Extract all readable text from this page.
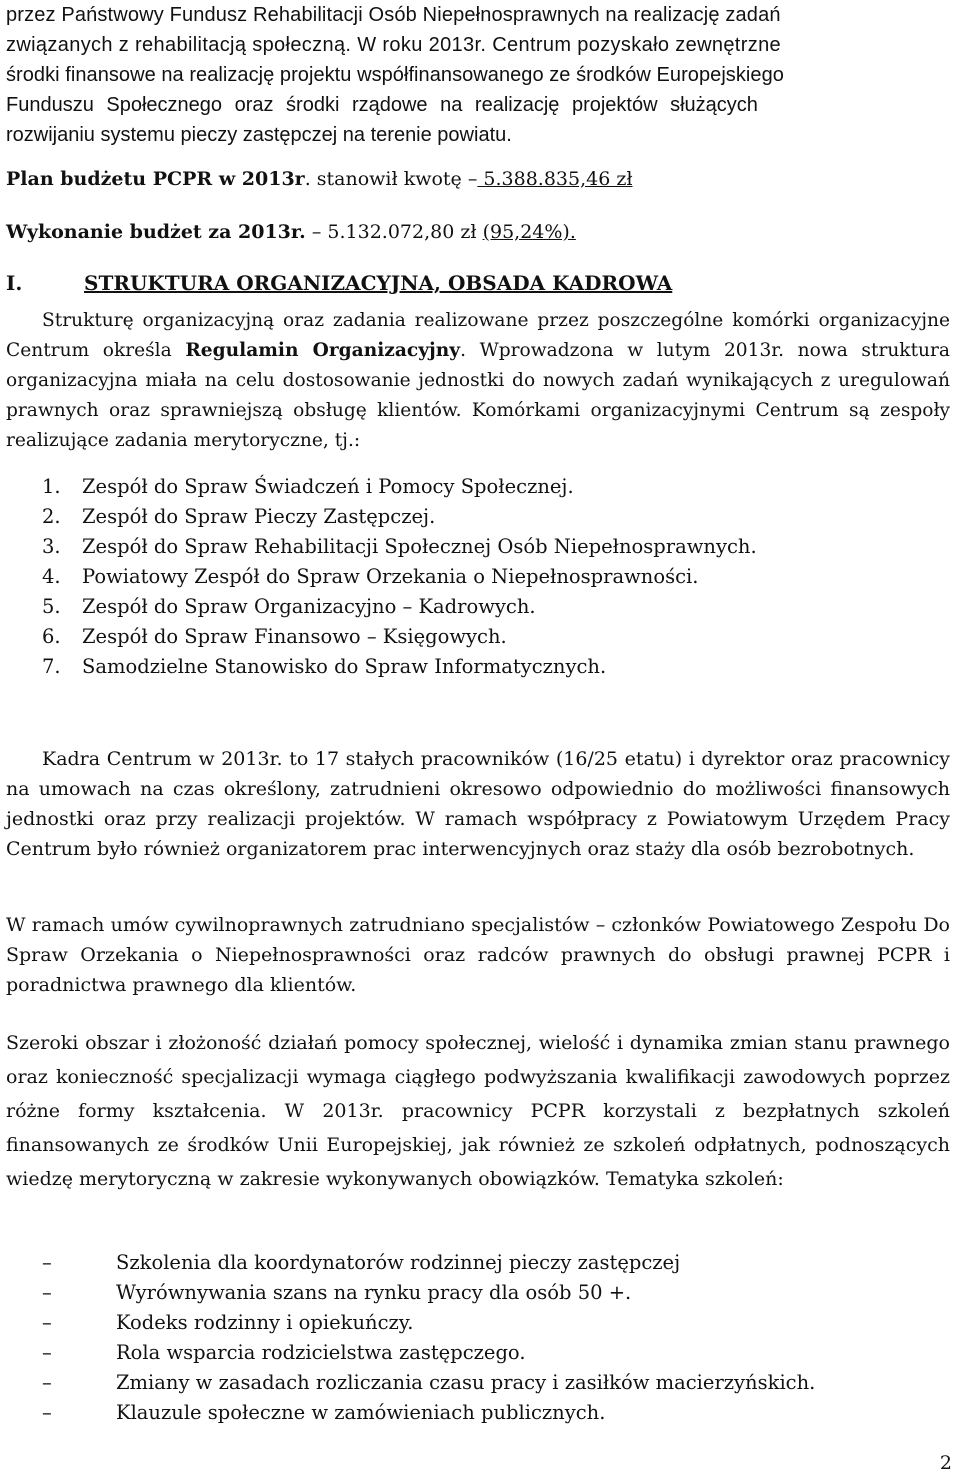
przez Państwowy Fundusz Rehabilitacji Osób Niepełnosprawnych na realizację zadań

związanych z rehabilitacją społeczną. W roku 2013r. Centrum pozyskało zewnętrzne

środki finansowe na realizację projektu współfinansowanego ze środków Europejskiego

Funduszu Społecznego oraz środki rządowe na realizację projektów służących

rozwijaniu systemu pieczy zastępczej na terenie powiatu.

Plan budżetu PCPR w 2013r. stanowił kwotę – 5.388.835,46 zł

Wykonanie budżet za 2013r. – 5.132.072,80 zł (95,24%).

I.	STRUKTURA ORGANIZACYJNA, OBSADA KADROWA

Strukturę organizacyjną oraz zadania realizowane przez poszczególne komórki organizacyjne Centrum określa Regulamin Organizacyjny. Wprowadzona w lutym 2013r. nowa struktura organizacyjna miała na celu dostosowanie jednostki do nowych zadań wynikających z uregulowań prawnych oraz sprawniejszą obsługę klientów. Komórkami organizacyjnymi Centrum są zespoły realizujące zadania merytoryczne, tj.:

1.	Zespół do Spraw Świadczeń i Pomocy Społecznej.
2.	Zespół do Spraw Pieczy Zastępczej.
3.	Zespół do Spraw Rehabilitacji Społecznej Osób Niepełnosprawnych.
4.	Powiatowy Zespół do Spraw Orzekania o Niepełnosprawności.
5.	Zespół do Spraw Organizacyjno – Kadrowych.
6.	Zespół do Spraw Finansowo – Księgowych.
7.	Samodzielne Stanowisko do Spraw Informatycznych.

Kadra Centrum w 2013r. to 17 stałych pracowników (16/25 etatu) i dyrektor oraz pracownicy na umowach na czas określony, zatrudnieni okresowo odpowiednio do możliwości finansowych jednostki oraz przy realizacji projektów. W ramach współpracy z Powiatowym Urzędem Pracy Centrum było również organizatorem prac interwencyjnych oraz staży dla osób bezrobotnych.

W ramach umów cywilnoprawnych zatrudniano specjalistów – członków Powiatowego Zespołu Do Spraw Orzekania o Niepełnosprawności oraz radców prawnych do obsługi prawnej PCPR i poradnictwa prawnego dla klientów.

Szeroki obszar i złożoność działań pomocy społecznej, wielość i dynamika zmian stanu prawnego oraz konieczność specjalizacji wymaga ciągłego podwyższania kwalifikacji zawodowych poprzez różne formy kształcenia. W 2013r. pracownicy PCPR korzystali z bezpłatnych szkoleń finansowanych ze środków Unii Europejskiej, jak również ze szkoleń odpłatnych, podnoszących wiedzę merytoryczną w zakresie wykonywanych obowiązków. Tematyka szkoleń:

–	Szkolenia dla koordynatorów rodzinnej pieczy zastępczej
–	Wyrównywania szans na rynku pracy dla osób 50 +.
–	Kodeks rodzinny i opiekuńczy.
–	Rola wsparcia rodzicielstwa zastępczego.
–	Zmiany w zasadach rozliczania czasu pracy i zasiłków macierzyńskich.
–	Klauzule społeczne w zamówieniach publicznych.
2
